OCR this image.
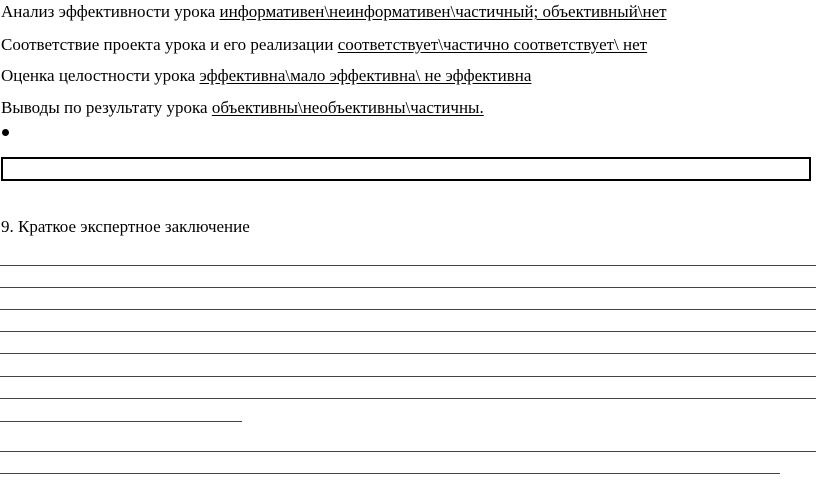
Анализ эффективности урока информативен\неинформативен\частичный; объективный\нет
Соответствие проекта урока и его реализации соответствует\частично соответствует\ нет
Оценка целостности урока эффективна\мало эффективна\ не эффективна
Выводы по результату урока объективны\необъективны\частичны.
9. Краткое экспертное заключение
